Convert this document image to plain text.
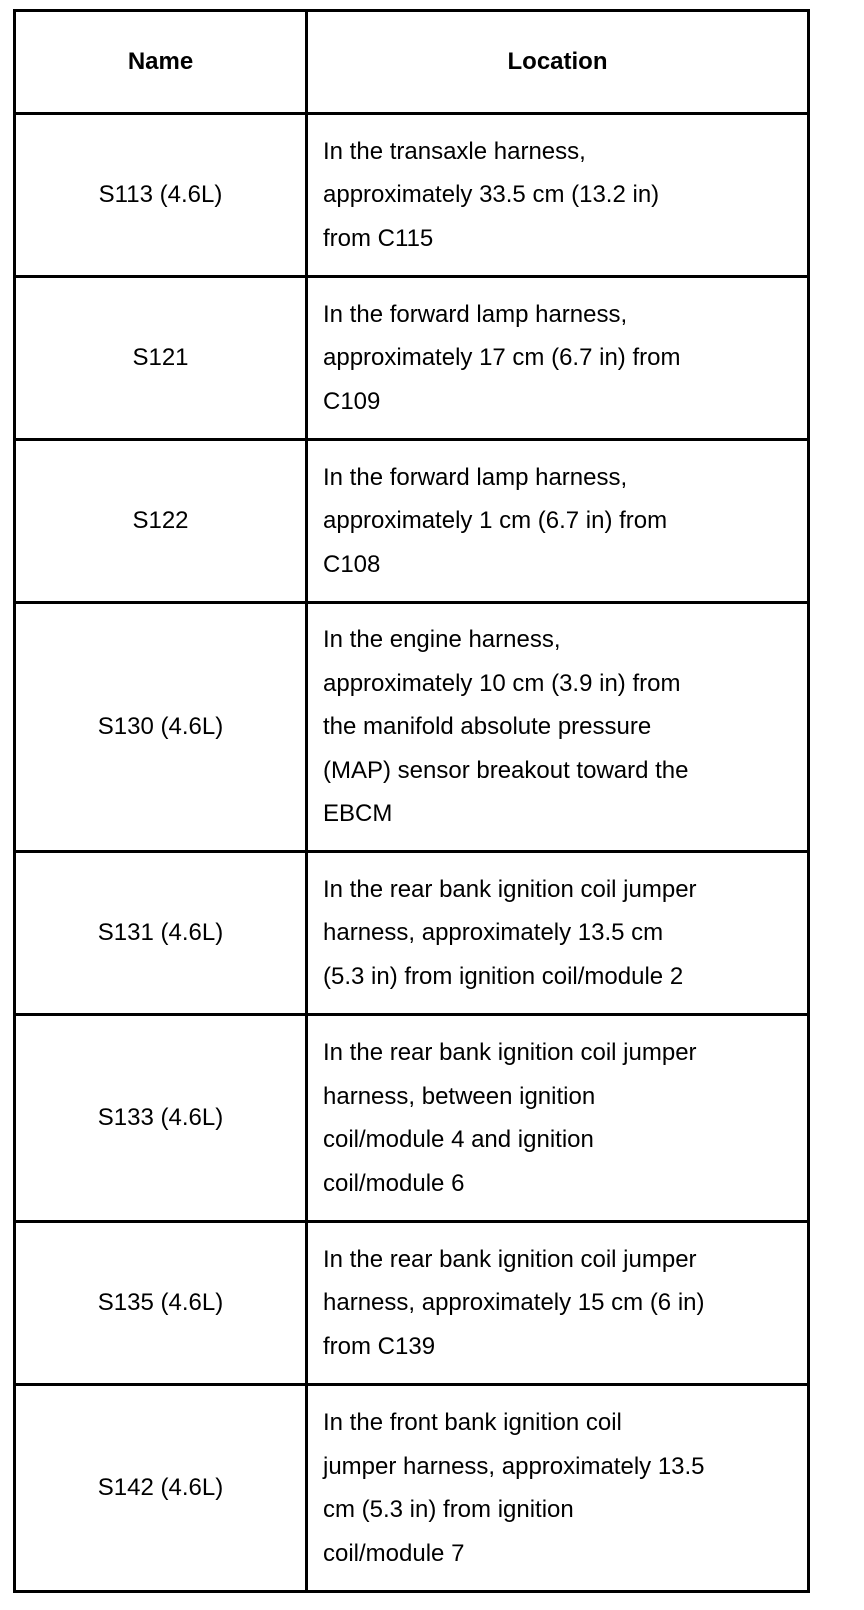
Name	Location
S113 (4.6L)	In the transaxle harness,
approximately 33.5 cm (13.2 in)
from C115
S121	In the forward lamp harness,
approximately 17 cm (6.7 in) from
C109
S122	In the forward lamp harness,
approximately 1 cm (6.7 in) from
C108
S130 (4.6L)	In the engine harness,
approximately 10 cm (3.9 in) from
the manifold absolute pressure
(MAP) sensor breakout toward the
EBCM
S131 (4.6L)	In the rear bank ignition coil jumper
harness, approximately 13.5 cm
(5.3 in) from ignition coil/module 2
S133 (4.6L)	In the rear bank ignition coil jumper
harness, between ignition
coil/module 4 and ignition
coil/module 6
S135 (4.6L)	In the rear bank ignition coil jumper
harness, approximately 15 cm (6 in)
from C139
S142 (4.6L)	In the front bank ignition coil
jumper harness, approximately 13.5
cm (5.3 in) from ignition
coil/module 7
